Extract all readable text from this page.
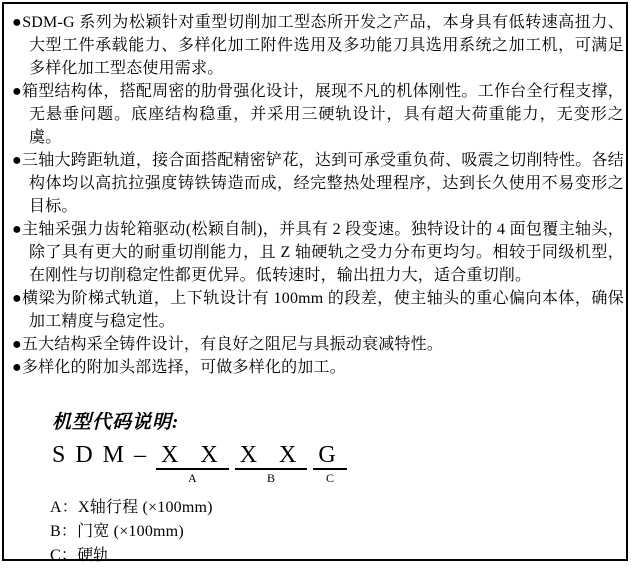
●SDM-G 系列为松颖针对重型切削加工型态所开发之产品，本身具有低转速高扭力、大型工件承载能力、多样化加工附件选用及多功能刀具选用系统之加工机，可满足多样化加工型态使用需求。

●箱型结构体，搭配周密的肋骨强化设计，展现不凡的机体刚性。工作台全行程支撑，无悬垂问题。底座结构稳重，并采用三硬轨设计，具有超大荷重能力，无变形之虞。

●三轴大跨距轨道，接合面搭配精密铲花，达到可承受重负荷、吸震之切削特性。各结构体均以高抗拉强度铸铁铸造而成，经完整热处理程序，达到长久使用不易变形之目标。

●主轴采强力齿轮箱驱动(松颖自制)，并具有 2 段变速。独特设计的 4 面包覆主轴头，除了具有更大的耐重切削能力，且 Z 轴硬轨之受力分布更均匀。相较于同级机型，在刚性与切削稳定性都更优异。低转速时，输出扭力大，适合重切削。

●横梁为阶梯式轨道，上下轨设计有 100mm 的段差，使主轴头的重心偏向本体，确保加工精度与稳定性。

●五大结构采全铸件设计，有良好之阻尼与具振动衰减特性。

●多样化的附加头部选择，可做多样化的加工。

机型代码说明:
S D M – X X
A
X X
B
G
C
A：X轴行程 (×100mm)
B：门宽 (×100mm)
C：硬轨
